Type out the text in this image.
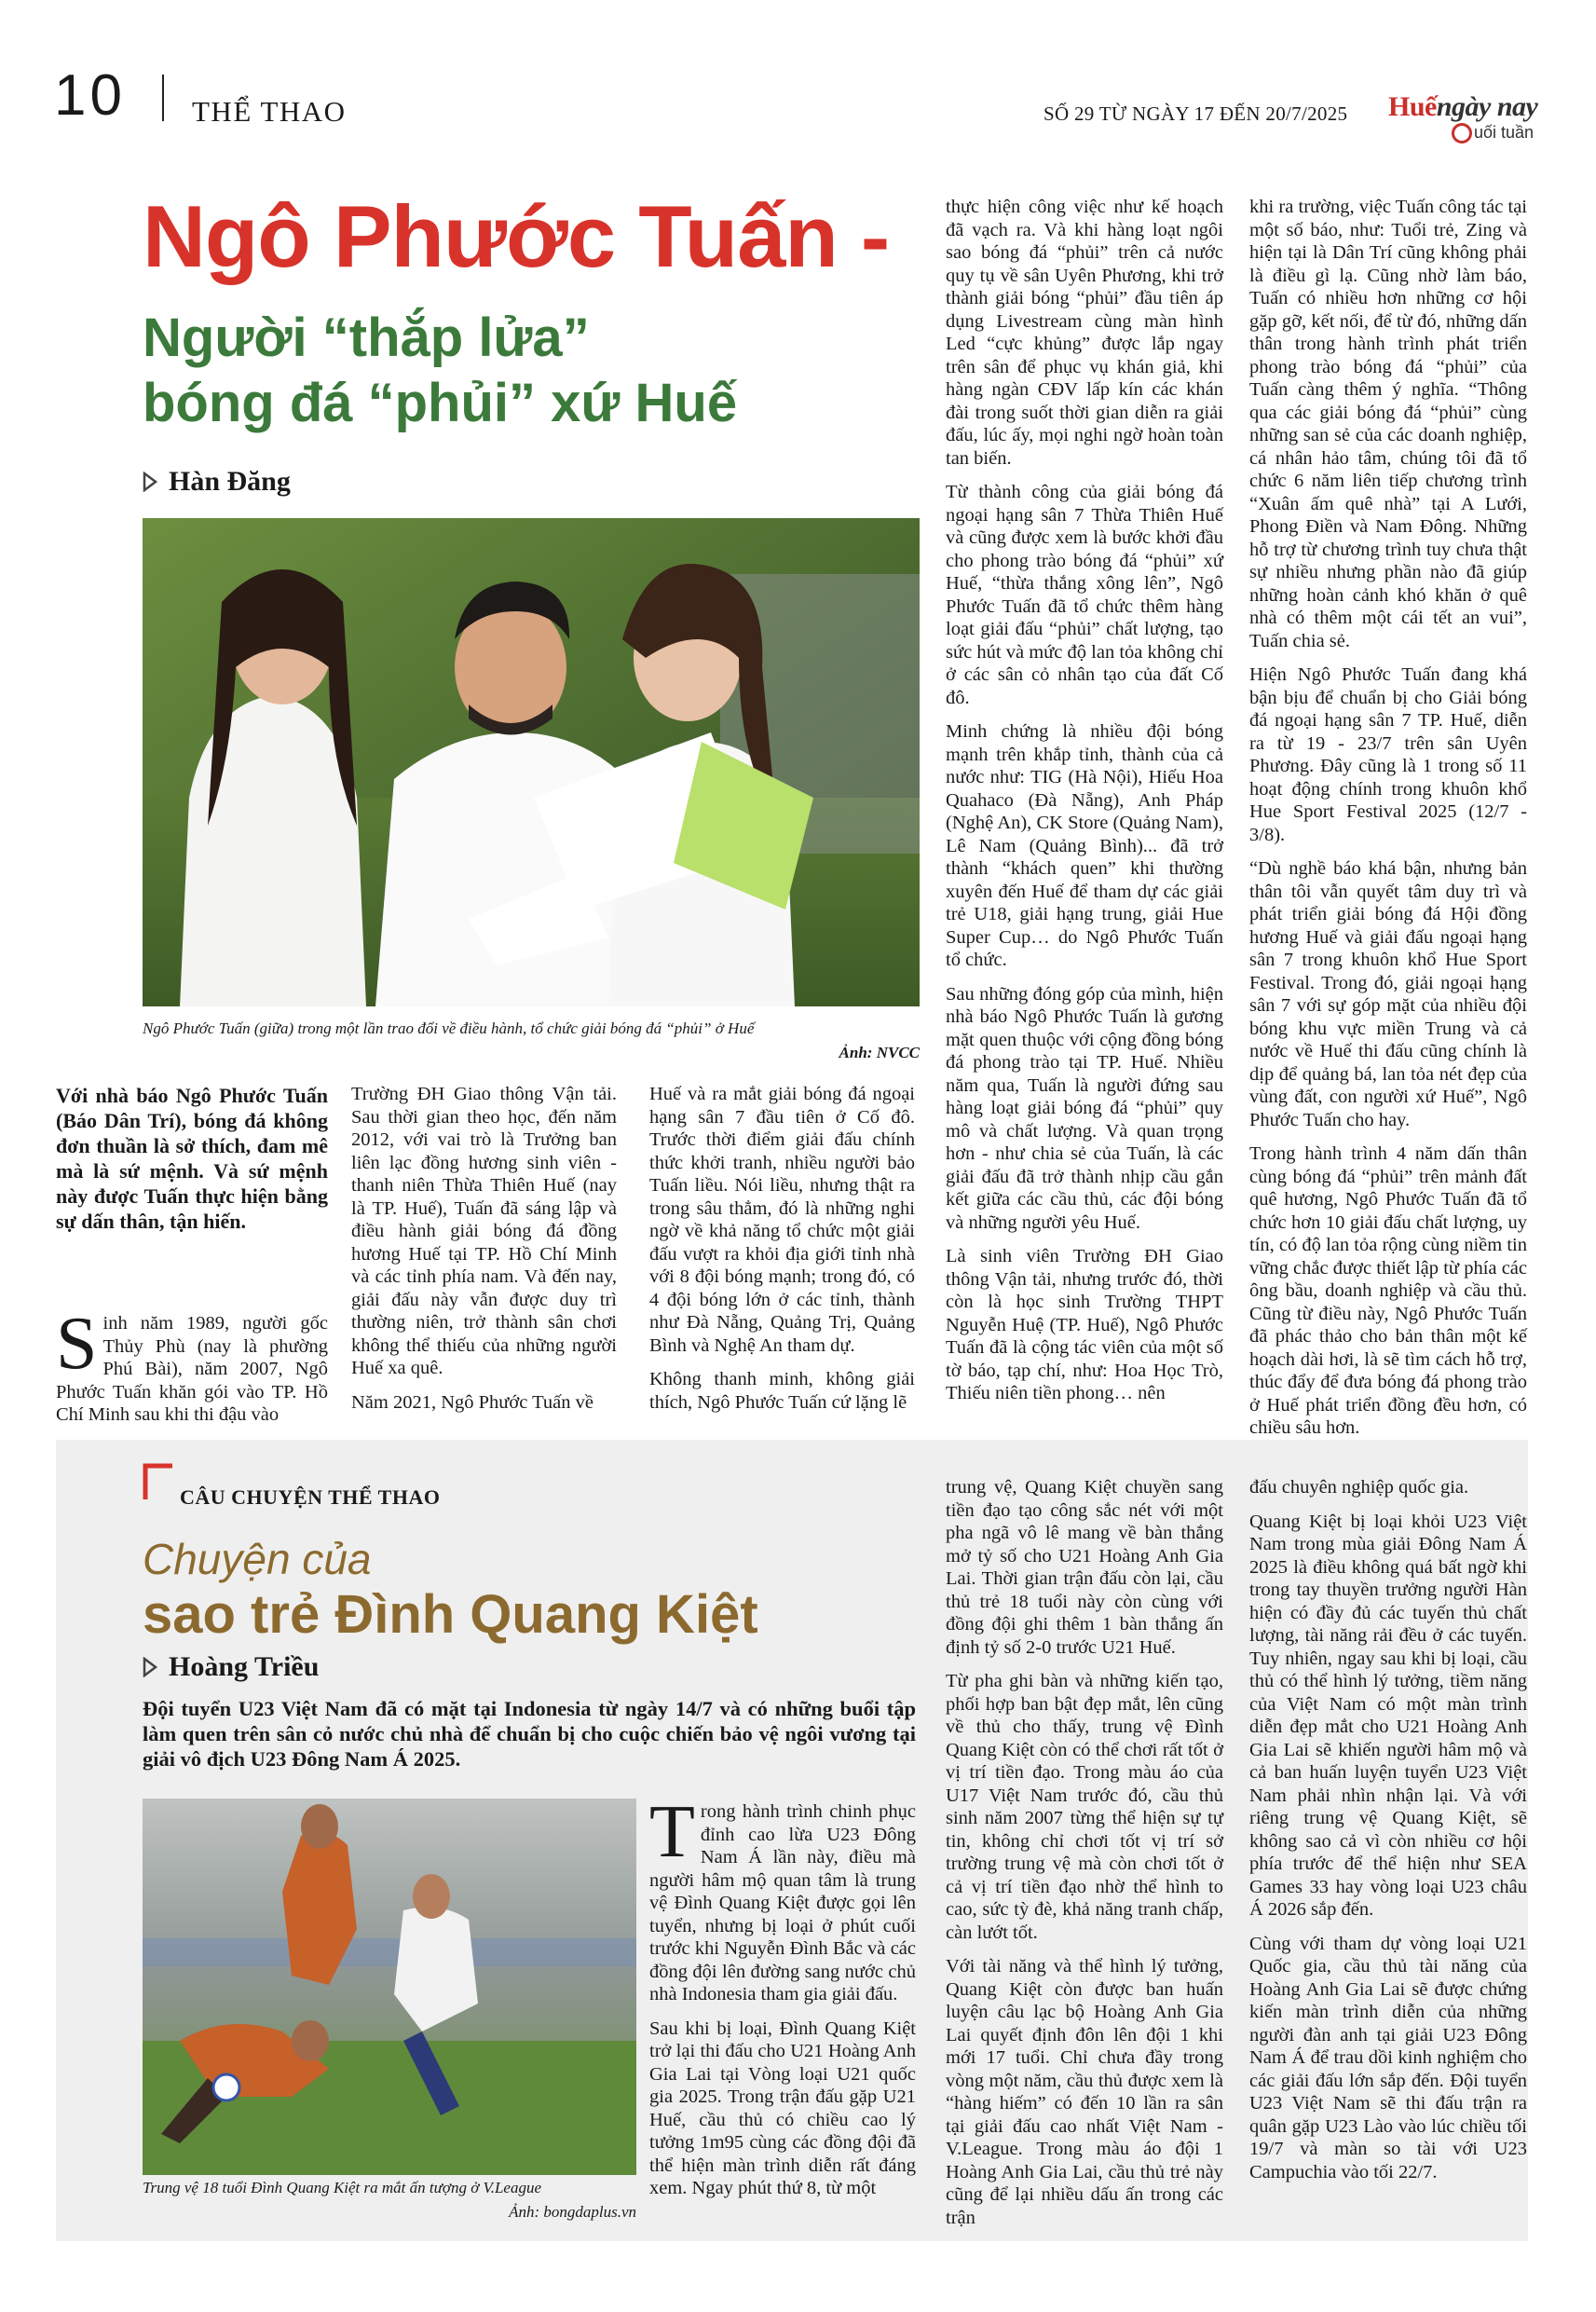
10 THỂ THAO	SỐ 29 TỪ NGÀY 17 ĐẾN 20/7/2025 Huếngày nay
uối tuần
Ngô Phước Tuấn -
Người “thắp lửa”
bóng đá “phủi” xứ Huế
Hàn Đăng
Ngô Phước Tuấn (giữa) trong một lần trao đổi về điều hành, tổ chức giải bóng đá “phủi” ở Huế
Ảnh: NVCC
Với nhà báo Ngô Phước Tuấn (Báo Dân Trí), bóng đá không đơn thuần là sở thích, đam mê mà là sứ mệnh. Và sứ mệnh này được Tuấn thực hiện bằng sự dấn thân, tận hiến.

Sinh năm 1989, người gốc Thủy Phù (nay là phường Phú Bài), năm 2007, Ngô Phước Tuấn khăn gói vào TP. Hồ Chí Minh sau khi thi đậu vào

Trường ĐH Giao thông Vận tải. Sau thời gian theo học, đến năm 2012, với vai trò là Trưởng ban liên lạc đồng hương sinh viên - thanh niên Thừa Thiên Huế (nay là TP. Huế), Tuấn đã sáng lập và điều hành giải bóng đá đồng hương Huế tại TP. Hồ Chí Minh và các tỉnh phía nam. Và đến nay, giải đấu này vẫn được duy trì thường niên, trở thành sân chơi không thể thiếu của những người Huế xa quê.

Năm 2021, Ngô Phước Tuấn về

Huế và ra mắt giải bóng đá ngoại hạng sân 7 đầu tiên ở Cố đô. Trước thời điểm giải đấu chính thức khởi tranh, nhiều người bảo Tuấn liều. Nói liều, nhưng thật ra trong sâu thẳm, đó là những nghi ngờ về khả năng tổ chức một giải đấu vượt ra khỏi địa giới tỉnh nhà với 8 đội bóng mạnh; trong đó, có 4 đội bóng lớn ở các tỉnh, thành như Đà Nẵng, Quảng Trị, Quảng Bình và Nghệ An tham dự.

Không thanh minh, không giải thích, Ngô Phước Tuấn cứ lặng lẽ

thực hiện công việc như kế hoạch đã vạch ra. Và khi hàng loạt ngôi sao bóng đá “phủi” trên cả nước quy tụ về sân Uyên Phương, khi trở thành giải bóng “phủi” đầu tiên áp dụng Livestream cùng màn hình Led “cực khủng” được lắp ngay trên sân để phục vụ khán giả, khi hàng ngàn CĐV lấp kín các khán đài trong suốt thời gian diễn ra giải đấu, lúc ấy, mọi nghi ngờ hoàn toàn tan biến.

Từ thành công của giải bóng đá ngoại hạng sân 7 Thừa Thiên Huế và cũng được xem là bước khởi đầu cho phong trào bóng đá “phủi” xứ Huế, “thừa thắng xông lên”, Ngô Phước Tuấn đã tổ chức thêm hàng loạt giải đấu “phủi” chất lượng, tạo sức hút và mức độ lan tỏa không chỉ ở các sân cỏ nhân tạo của đất Cố đô.

Minh chứng là nhiều đội bóng mạnh trên khắp tỉnh, thành của cả nước như: TIG (Hà Nội), Hiếu Hoa Quahaco (Đà Nẵng), Anh Pháp (Nghệ An), CK Store (Quảng Nam), Lê Nam (Quảng Bình)... đã trở thành “khách quen” khi thường xuyên đến Huế để tham dự các giải trẻ U18, giải hạng trung, giải Hue Super Cup… do Ngô Phước Tuấn tổ chức.

Sau những đóng góp của mình, hiện nhà báo Ngô Phước Tuấn là gương mặt quen thuộc với cộng đồng bóng đá phong trào tại TP. Huế. Nhiều năm qua, Tuấn là người đứng sau hàng loạt giải bóng đá “phủi” quy mô và chất lượng. Và quan trọng hơn - như chia sẻ của Tuấn, là các giải đấu đã trở thành nhịp cầu gắn kết giữa các cầu thủ, các đội bóng và những người yêu Huế.

Là sinh viên Trường ĐH Giao thông Vận tải, nhưng trước đó, thời còn là học sinh Trường THPT Nguyễn Huệ (TP. Huế), Ngô Phước Tuấn đã là cộng tác viên của một số tờ báo, tạp chí, như: Hoa Học Trò, Thiếu niên tiền phong… nên

khi ra trường, việc Tuấn công tác tại một số báo, như: Tuổi trẻ, Zing và hiện tại là Dân Trí cũng không phải là điều gì lạ. Cũng nhờ làm báo, Tuấn có nhiều hơn những cơ hội gặp gỡ, kết nối, để từ đó, những dấn thân trong hành trình phát triển phong trào bóng đá “phủi” của Tuấn càng thêm ý nghĩa. “Thông qua các giải bóng đá “phủi” cùng những san sẻ của các doanh nghiệp, cá nhân hảo tâm, chúng tôi đã tổ chức 6 năm liên tiếp chương trình “Xuân ấm quê nhà” tại A Lưới, Phong Điền và Nam Đông. Những hỗ trợ từ chương trình tuy chưa thật sự nhiều nhưng phần nào đã giúp những hoàn cảnh khó khăn ở quê nhà có thêm một cái tết an vui”, Tuấn chia sẻ.

Hiện Ngô Phước Tuấn đang khá bận bịu để chuẩn bị cho Giải bóng đá ngoại hạng sân 7 TP. Huế, diễn ra từ 19 - 23/7 trên sân Uyên Phương. Đây cũng là 1 trong số 11 hoạt động chính trong khuôn khổ Hue Sport Festival 2025 (12/7 - 3/8).

“Dù nghề báo khá bận, nhưng bản thân tôi vẫn quyết tâm duy trì và phát triển giải bóng đá Hội đồng hương Huế và giải đấu ngoại hạng sân 7 trong khuôn khổ Hue Sport Festival. Trong đó, giải ngoại hạng sân 7 với sự góp mặt của nhiều đội bóng khu vực miền Trung và cả nước về Huế thi đấu cũng chính là dịp để quảng bá, lan tỏa nét đẹp của vùng đất, con người xứ Huế”, Ngô Phước Tuấn cho hay.

Trong hành trình 4 năm dấn thân cùng bóng đá “phủi” trên mảnh đất quê hương, Ngô Phước Tuấn đã tổ chức hơn 10 giải đấu chất lượng, uy tín, có độ lan tỏa rộng cùng niềm tin vững chắc được thiết lập từ phía các ông bầu, doanh nghiệp và cầu thủ. Cũng từ điều này, Ngô Phước Tuấn đã phác thảo cho bản thân một kế hoạch dài hơi, là sẽ tìm cách hỗ trợ, thúc đẩy để đưa bóng đá phong trào ở Huế phát triển đồng đều hơn, có chiều sâu hơn.

CÂU CHUYỆN THỂ THAO
Chuyện của
sao trẻ Đình Quang Kiệt
Hoàng Triều
Đội tuyển U23 Việt Nam đã có mặt tại Indonesia từ ngày 14/7 và có những buổi tập làm quen trên sân cỏ nước chủ nhà để chuẩn bị cho cuộc chiến bảo vệ ngôi vương tại giải vô địch U23 Đông Nam Á 2025.
Trung vệ 18 tuổi Đình Quang Kiệt ra mắt ấn tượng ở V.League
Ảnh: bongdaplus.vn

Trong hành trình chinh phục đỉnh cao lừa U23 Đông Nam Á lần này, điều mà người hâm mộ quan tâm là trung vệ Đình Quang Kiệt được gọi lên tuyển, nhưng bị loại ở phút cuối trước khi Nguyễn Đình Bắc và các đồng đội lên đường sang nước chủ nhà Indonesia tham gia giải đấu.

Sau khi bị loại, Đình Quang Kiệt trở lại thi đấu cho U21 Hoàng Anh Gia Lai tại Vòng loại U21 quốc gia 2025. Trong trận đấu gặp U21 Huế, cầu thủ có chiều cao lý tưởng 1m95 cùng các đồng đội đã thể hiện màn trình diễn rất đáng xem. Ngay phút thứ 8, từ một

trung vệ, Quang Kiệt chuyền sang tiền đạo tạo công sắc nét với một pha ngã vô lê mang về bàn thắng mở tỷ số cho U21 Hoàng Anh Gia Lai. Thời gian trận đấu còn lại, cầu thủ trẻ 18 tuổi này còn cùng với đồng đội ghi thêm 1 bàn thắng ấn định tỷ số 2-0 trước U21 Huế.

Từ pha ghi bàn và những kiến tạo, phối hợp ban bật đẹp mắt, lên cũng về thủ cho thấy, trung vệ Đình Quang Kiệt còn có thể chơi rất tốt ở vị trí tiền đạo. Trong màu áo của U17 Việt Nam trước đó, cầu thủ sinh năm 2007 từng thể hiện sự tự tin, không chỉ chơi tốt vị trí sở trường trung vệ mà còn chơi tốt ở cả vị trí tiền đạo nhờ thể hình to cao, sức tỳ đè, khả năng tranh chấp, càn lướt tốt.

Với tài năng và thể hình lý tưởng, Quang Kiệt còn được ban huấn luyện câu lạc bộ Hoàng Anh Gia Lai quyết định đôn lên đội 1 khi mới 17 tuổi. Chỉ chưa đầy trong vòng một năm, cầu thủ được xem là “hàng hiếm” có đến 10 lần ra sân tại giải đấu cao nhất Việt Nam - V.League. Trong màu áo đội 1 Hoàng Anh Gia Lai, cầu thủ trẻ này cũng để lại nhiều dấu ấn trong các trận

đấu chuyên nghiệp quốc gia.

Quang Kiệt bị loại khỏi U23 Việt Nam trong mùa giải Đông Nam Á 2025 là điều không quá bất ngờ khi trong tay thuyền trưởng người Hàn hiện có đầy đủ các tuyến thủ chất lượng, tài năng rải đều ở các tuyến. Tuy nhiên, ngay sau khi bị loại, cầu thủ có thể hình lý tưởng, tiềm năng của Việt Nam có một màn trình diễn đẹp mắt cho U21 Hoàng Anh Gia Lai sẽ khiến người hâm mộ và cả ban huấn luyện tuyển U23 Việt Nam phải nhìn nhận lại. Và với riêng trung vệ Quang Kiệt, sẽ không sao cả vì còn nhiều cơ hội phía trước để thể hiện như SEA Games 33 hay vòng loại U23 châu Á 2026 sắp đến.

Cùng với tham dự vòng loại U21 Quốc gia, cầu thủ tài năng của Hoàng Anh Gia Lai sẽ được chứng kiến màn trình diễn của những người đàn anh tại giải U23 Đông Nam Á để trau dồi kinh nghiệm cho các giải đấu lớn sắp đến. Đội tuyển U23 Việt Nam sẽ thi đấu trận ra quân gặp U23 Lào vào lúc chiều tối 19/7 và màn so tài với U23 Campuchia vào tối 22/7.
